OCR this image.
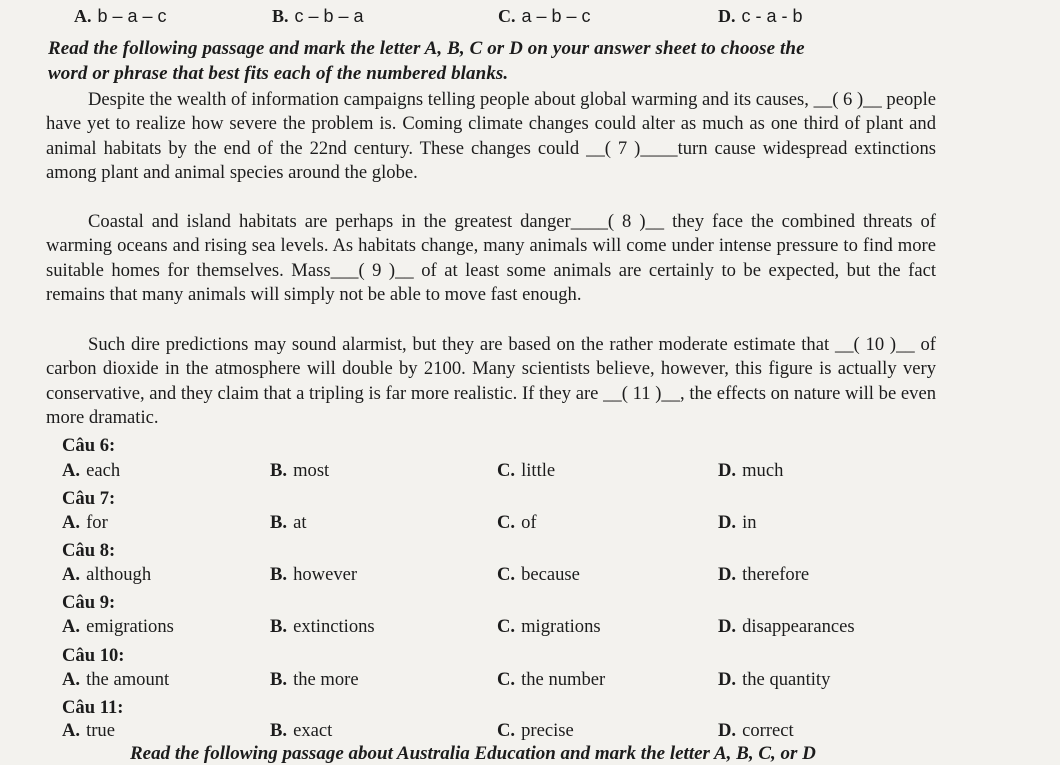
A. b – a – c	B. c – b – a	C. a – b – c	D. c - a - b
Read the following passage and mark the letter A, B, C or D on your answer sheet to choose the
word or phrase that best fits each of the numbered blanks.
Despite the wealth of information campaigns telling people about global warming and its causes, __( 6 )__ people have yet to realize how severe the problem is. Coming climate changes could alter as much as one third of plant and animal habitats by the end of the 22nd century. These changes could __( 7 )____turn cause widespread extinctions among plant and animal species around the globe.
Coastal and island habitats are perhaps in the greatest danger____( 8 )__ they face the combined threats of warming oceans and rising sea levels. As habitats change, many animals will come under intense pressure to find more suitable homes for themselves. Mass___( 9 )__ of at least some animals are certainly to be expected, but the fact remains that many animals will simply not be able to move fast enough.
Such dire predictions may sound alarmist, but they are based on the rather moderate estimate that __( 10 )__ of carbon dioxide in the atmosphere will double by 2100. Many scientists believe, however, this figure is actually very conservative, and they claim that a tripling is far more realistic. If they are __( 11 )__, the effects on nature will be even more dramatic.
Câu 6:
A. each	B. most	C. little	D. much
Câu 7:
A. for	B. at	C. of	D. in
Câu 8:
A. although	B. however	C. because	D. therefore
Câu 9:
A. emigrations	B. extinctions	C. migrations	D. disappearances
Câu 10:
A. the amount	B. the more	C. the number	D. the quantity
Câu 11:
A. true	B. exact	C. precise	D. correct
Read the following passage about Australia Education and mark the letter A, B, C, or D
